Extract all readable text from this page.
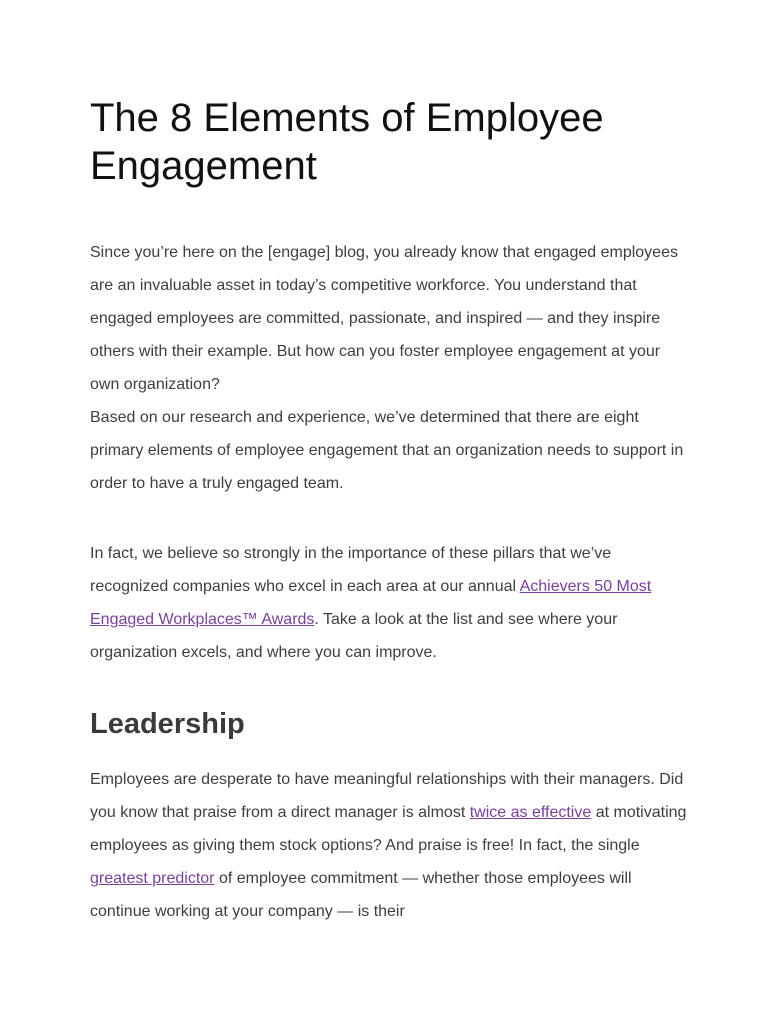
The 8 Elements of Employee Engagement

Since you’re here on the [engage] blog, you already know that engaged employees are an invaluable asset in today’s competitive workforce. You understand that engaged employees are committed, passionate, and inspired — and they inspire others with their example. But how can you foster employee engagement at your own organization?

Based on our research and experience, we’ve determined that there are eight primary elements of employee engagement that an organization needs to support in order to have a truly engaged team.

In fact, we believe so strongly in the importance of these pillars that we’ve recognized companies who excel in each area at our annual Achievers 50 Most Engaged Workplaces™ Awards. Take a look at the list and see where your organization excels, and where you can improve.

Leadership

Employees are desperate to have meaningful relationships with their managers. Did you know that praise from a direct manager is almost twice as effective at motivating employees as giving them stock options? And praise is free! In fact, the single greatest predictor of employee commitment — whether those employees will continue working at your company — is their
